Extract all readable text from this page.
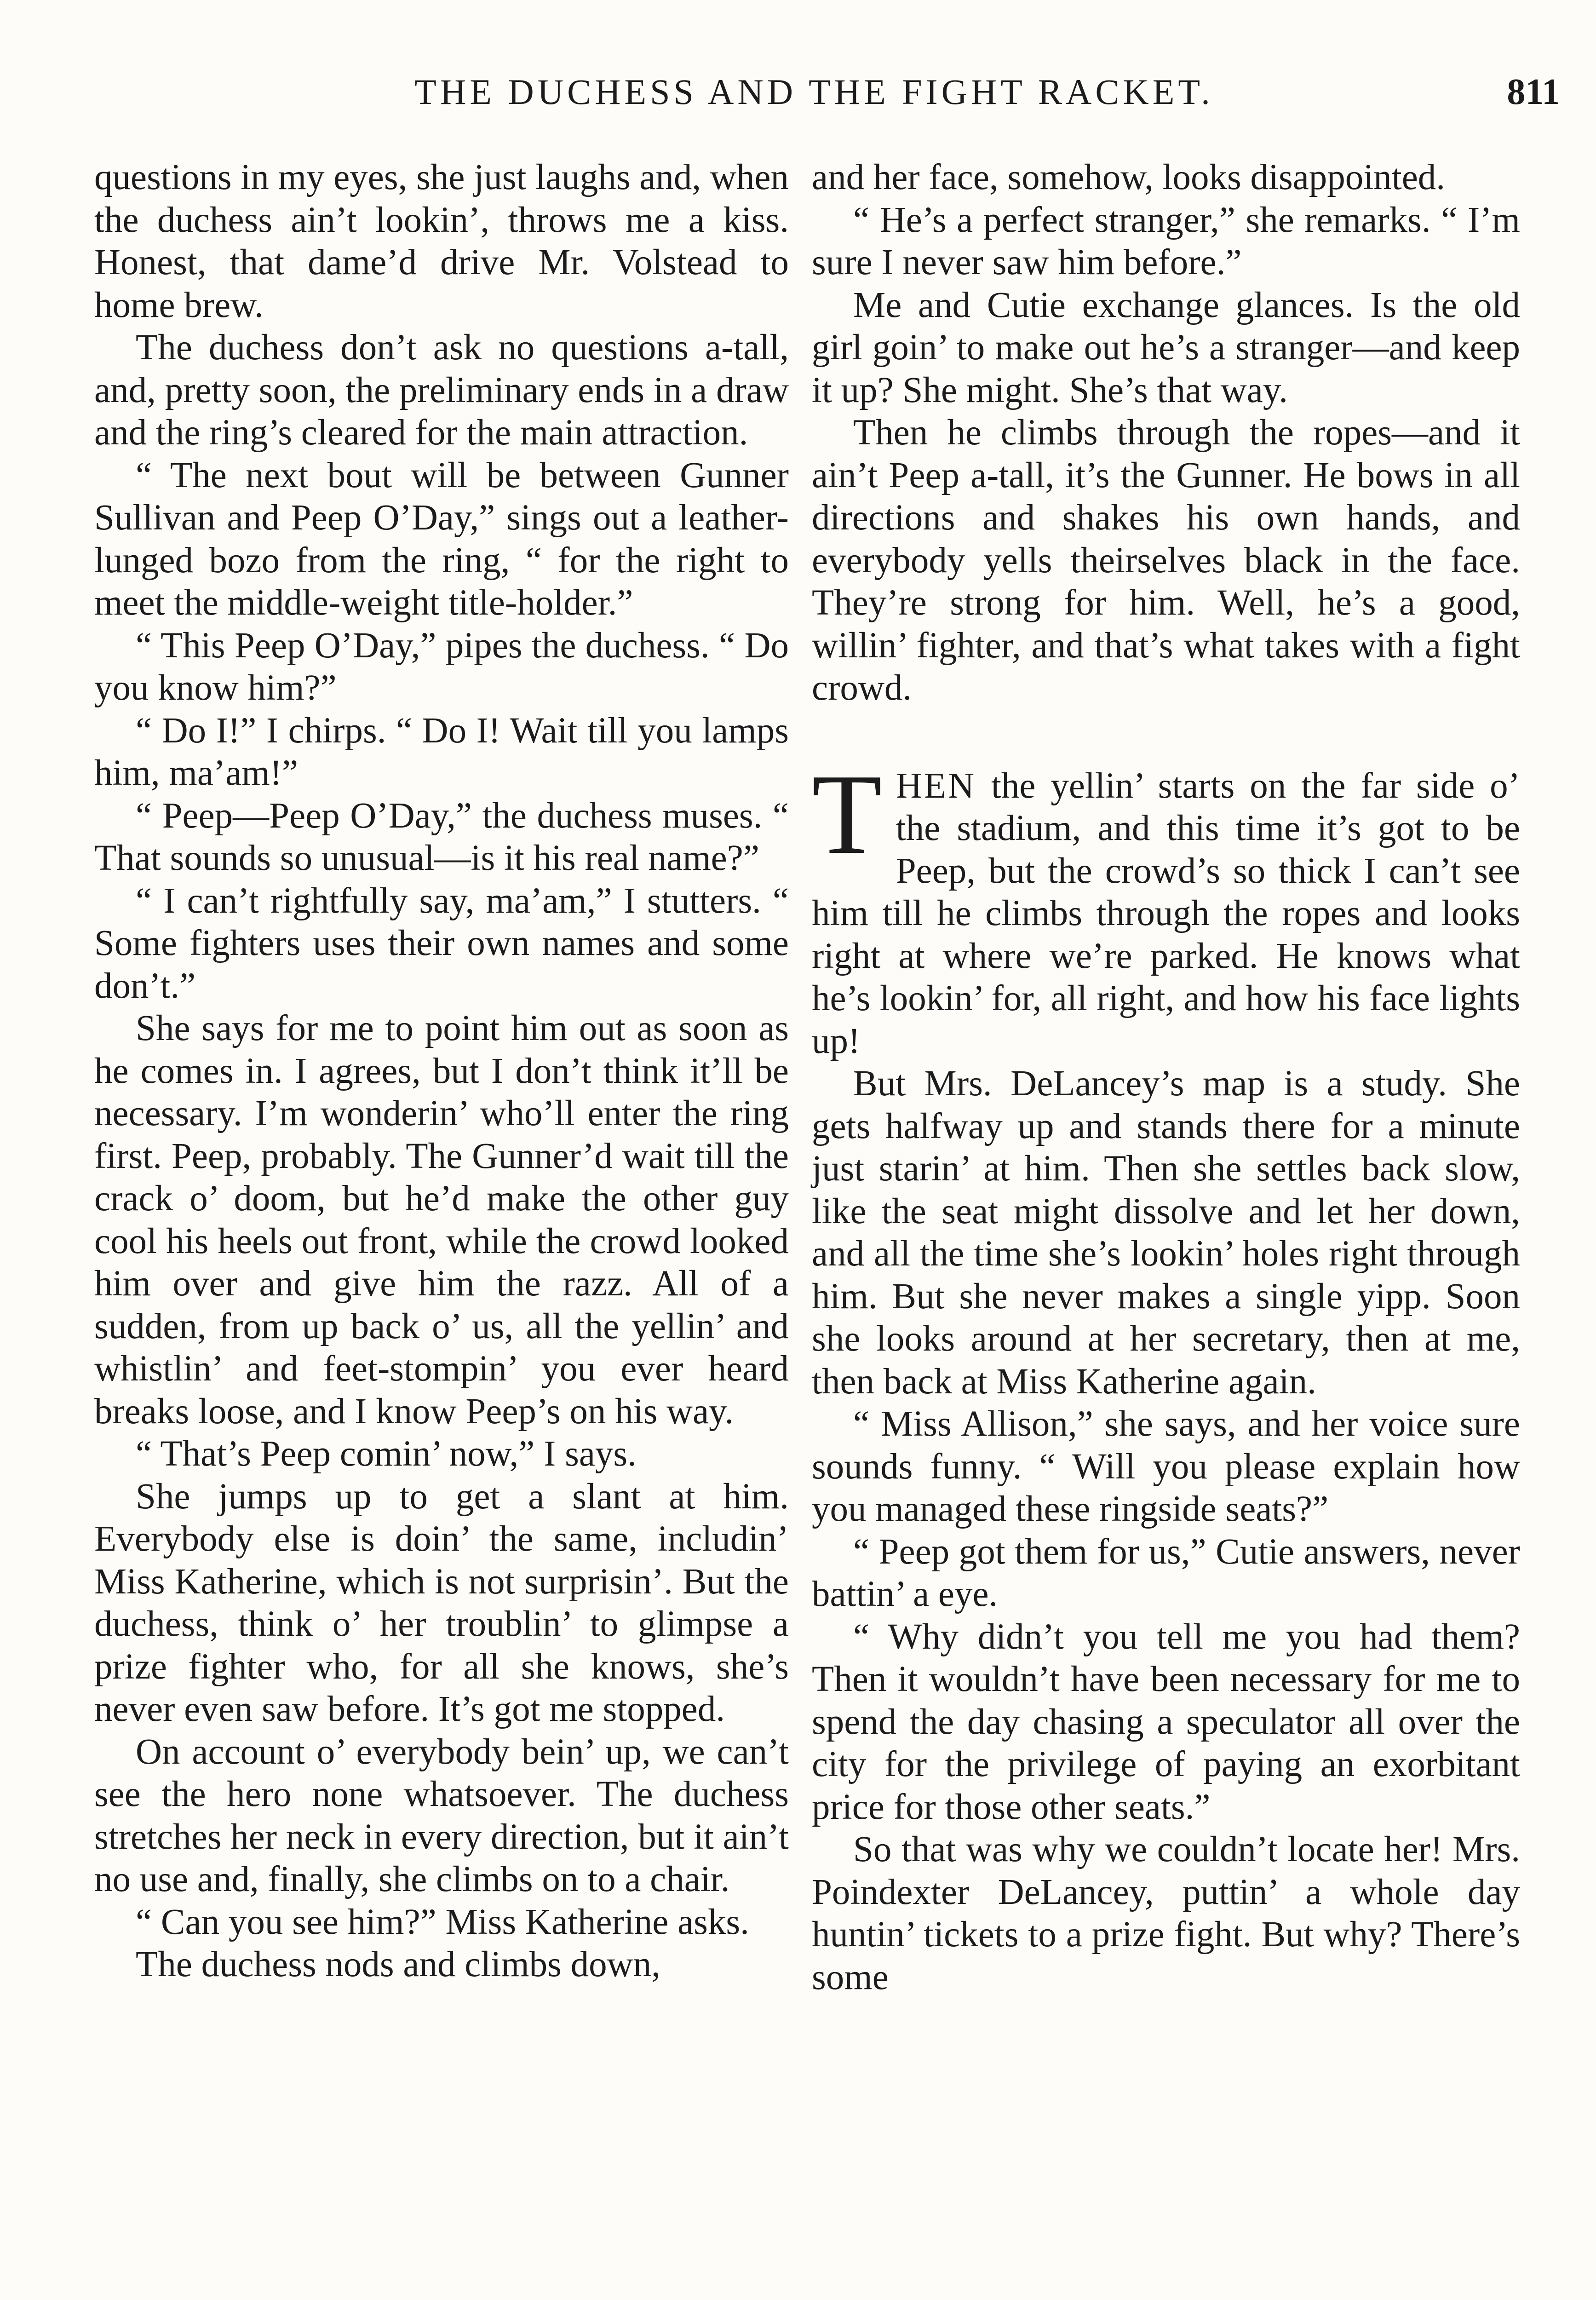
THE DUCHESS AND THE FIGHT RACKET.	811

questions in my eyes, she just laughs and, when the duchess ain’t lookin’, throws me a kiss. Honest, that dame’d drive Mr. Volstead to home brew.

The duchess don’t ask no questions a-tall, and, pretty soon, the preliminary ends in a draw and the ring’s cleared for the main attraction.

“ The next bout will be between Gunner Sullivan and Peep O’Day,” sings out a leather-lunged bozo from the ring, “ for the right to meet the middle-weight title-holder.”

“ This Peep O’Day,” pipes the duchess. “ Do you know him?”

“ Do I!” I chirps. “ Do I! Wait till you lamps him, ma’am!”

“ Peep—Peep O’Day,” the duchess muses. “ That sounds so unusual—is it his real name?”

“ I can’t rightfully say, ma’am,” I stutters. “ Some fighters uses their own names and some don’t.”

She says for me to point him out as soon as he comes in. I agrees, but I don’t think it’ll be necessary. I’m wonderin’ who’ll enter the ring first. Peep, probably. The Gunner’d wait till the crack o’ doom, but he’d make the other guy cool his heels out front, while the crowd looked him over and give him the razz. All of a sudden, from up back o’ us, all the yellin’ and whistlin’ and feet-stompin’ you ever heard breaks loose, and I know Peep’s on his way.

“ That’s Peep comin’ now,” I says.

She jumps up to get a slant at him. Everybody else is doin’ the same, includin’ Miss Katherine, which is not surprisin’. But the duchess, think o’ her troublin’ to glimpse a prize fighter who, for all she knows, she’s never even saw before. It’s got me stopped.

On account o’ everybody bein’ up, we can’t see the hero none whatsoever. The duchess stretches her neck in every direction, but it ain’t no use and, finally, she climbs on to a chair.

“ Can you see him?” Miss Katherine asks.

The duchess nods and climbs down,

and her face, somehow, looks disappointed.

“ He’s a perfect stranger,” she remarks. “ I’m sure I never saw him before.”

Me and Cutie exchange glances. Is the old girl goin’ to make out he’s a stranger—and keep it up? She might. She’s that way.

Then he climbs through the ropes—and it ain’t Peep a-tall, it’s the Gunner. He bows in all directions and shakes his own hands, and everybody yells theirselves black in the face. They’re strong for him. Well, he’s a good, willin’ fighter, and that’s what takes with a fight crowd.

THEN the yellin’ starts on the far side o’ the stadium, and this time it’s got to be Peep, but the crowd’s so thick I can’t see him till he climbs through the ropes and looks right at where we’re parked. He knows what he’s lookin’ for, all right, and how his face lights up!

But Mrs. DeLancey’s map is a study. She gets halfway up and stands there for a minute just starin’ at him. Then she settles back slow, like the seat might dissolve and let her down, and all the time she’s lookin’ holes right through him. But she never makes a single yipp. Soon she looks around at her secretary, then at me, then back at Miss Katherine again.

“ Miss Allison,” she says, and her voice sure sounds funny. “ Will you please explain how you managed these ringside seats?”

“ Peep got them for us,” Cutie answers, never battin’ a eye.

“ Why didn’t you tell me you had them? Then it wouldn’t have been necessary for me to spend the day chasing a speculator all over the city for the privilege of paying an exorbitant price for those other seats.”

So that was why we couldn’t locate her! Mrs. Poindexter DeLancey, puttin’ a whole day huntin’ tickets to a prize fight. But why? There’s some
